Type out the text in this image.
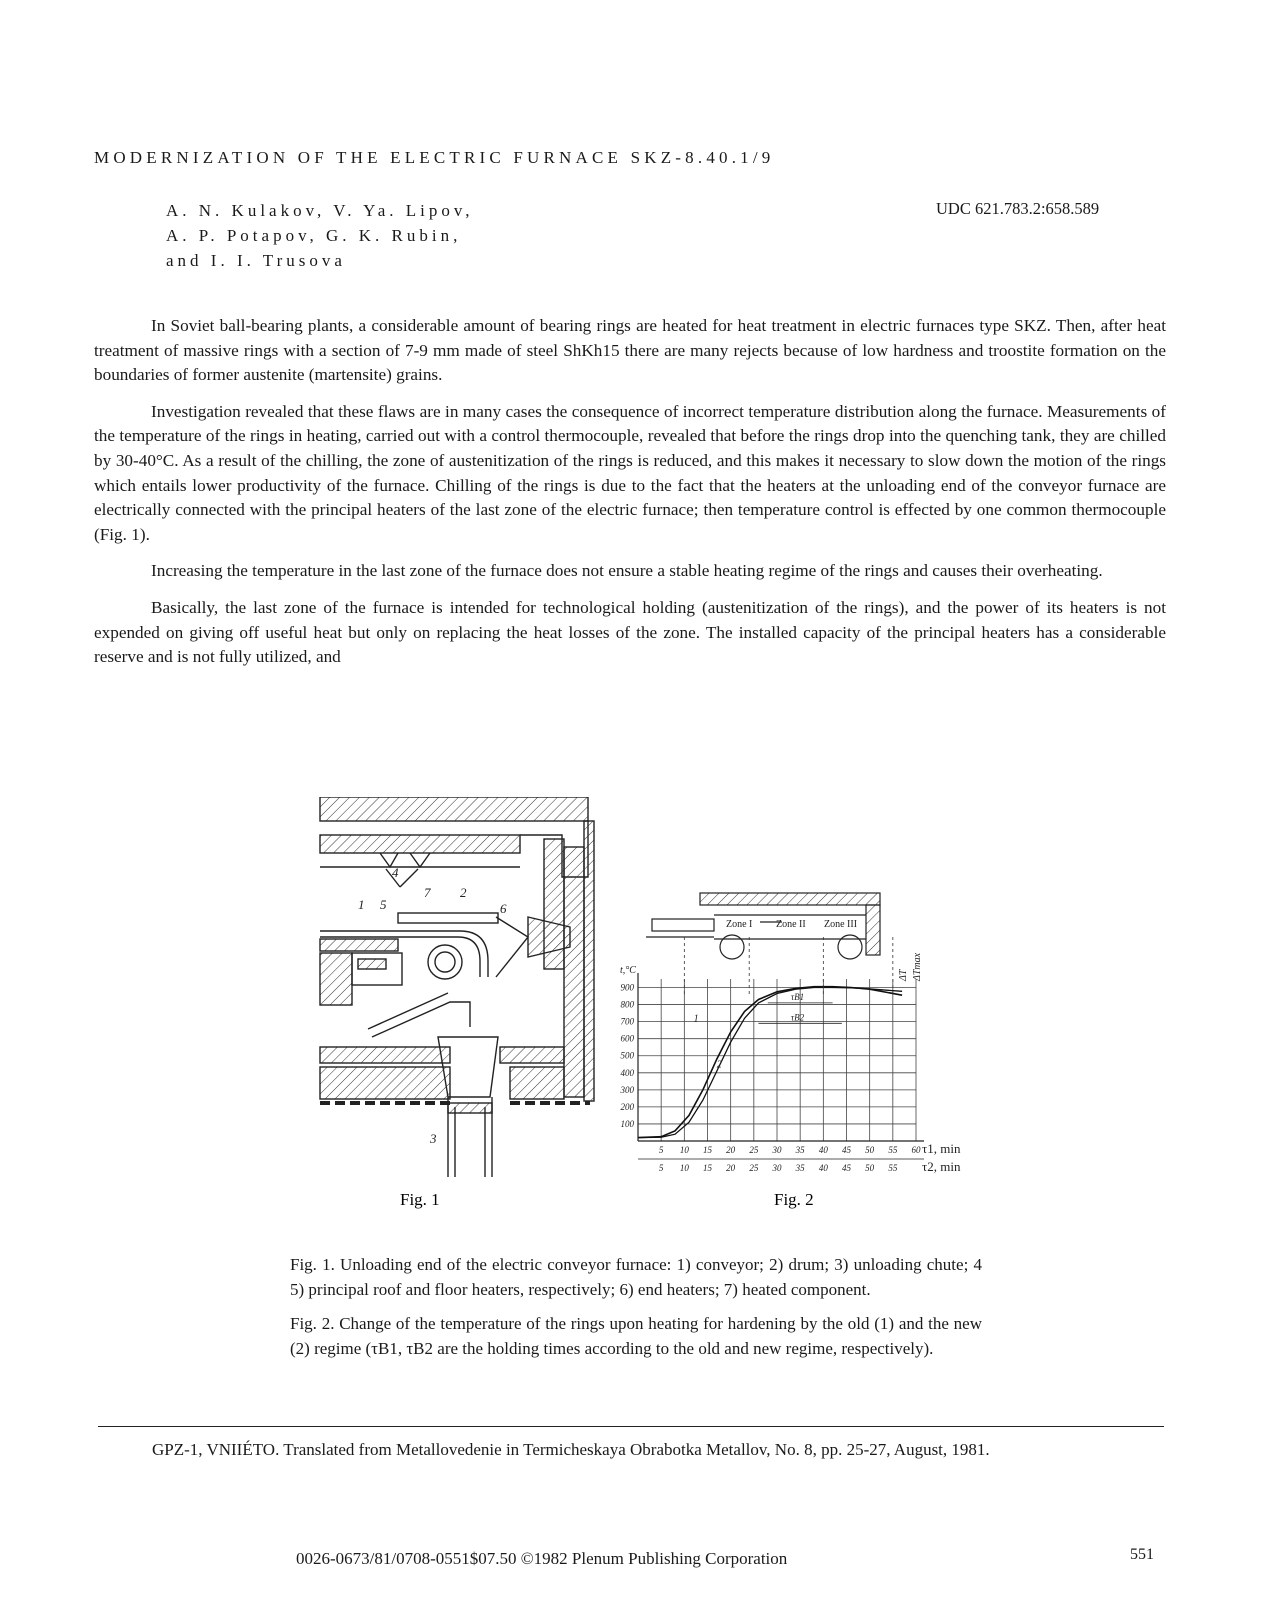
MODERNIZATION OF THE ELECTRIC FURNACE SKZ-8.40.1/9
A. N. Kulakov, V. Ya. Lipov,
A. P. Potapov, G. K. Rubin,
and I. I. Trusova
UDC 621.783.2:658.589

In Soviet ball-bearing plants, a considerable amount of bearing rings are heated for heat treatment in electric furnaces type SKZ. Then, after heat treatment of massive rings with a section of 7-9 mm made of steel ShKh15 there are many rejects because of low hardness and troostite formation on the boundaries of former austenite (martensite) grains.

Investigation revealed that these flaws are in many cases the consequence of incorrect temperature distribution along the furnace. Measurements of the temperature of the rings in heating, carried out with a control thermocouple, revealed that before the rings drop into the quenching tank, they are chilled by 30-40°C. As a result of the chilling, the zone of austenitization of the rings is reduced, and this makes it necessary to slow down the motion of the rings which entails lower productivity of the furnace. Chilling of the rings is due to the fact that the heaters at the unloading end of the conveyor furnace are electrically connected with the principal heaters of the last zone of the electric furnace; then temperature control is effected by one common thermocouple (Fig. 1).

Increasing the temperature in the last zone of the furnace does not ensure a stable heating regime of the rings and causes their overheating.

Basically, the last zone of the furnace is intended for technological holding (austenitization of the rings), and the power of its heaters is not expended on giving off useful heat but only on replacing the heat losses of the zone. The installed capacity of the principal heaters has a considerable reserve and is not fully utilized, and

1 5
7 2
6
4
3
Fig. 1
Zone I Zone II Zone III
ΔT ΔTmax
100
200
300
400
500
600
700
800
900
t,°C
5 10 15 20 25 30 35 40 45 50 55 60
5 10 15 20 25 30 35 40 45 50 55
τ1, min
τ2, min
1
2
τB1
τB2
Fig. 2

Fig. 1. Unloading end of the electric conveyor furnace: 1) conveyor; 2) drum; 3) unloading chute; 4 5) principal roof and floor heaters, respectively; 6) end heaters; 7) heated component.

Fig. 2. Change of the temperature of the rings upon heating for hardening by the old (1) and the new (2) regime (τB1, τB2 are the holding times according to the old and new regime, respectively).

GPZ-1, VNIIÉTO. Translated from Metallovedenie in Termicheskaya Obrabotka Metallov, No. 8, pp. 25-27, August, 1981.

0026-0673/81/0708-0551$07.50 ©1982 Plenum Publishing Corporation	551
